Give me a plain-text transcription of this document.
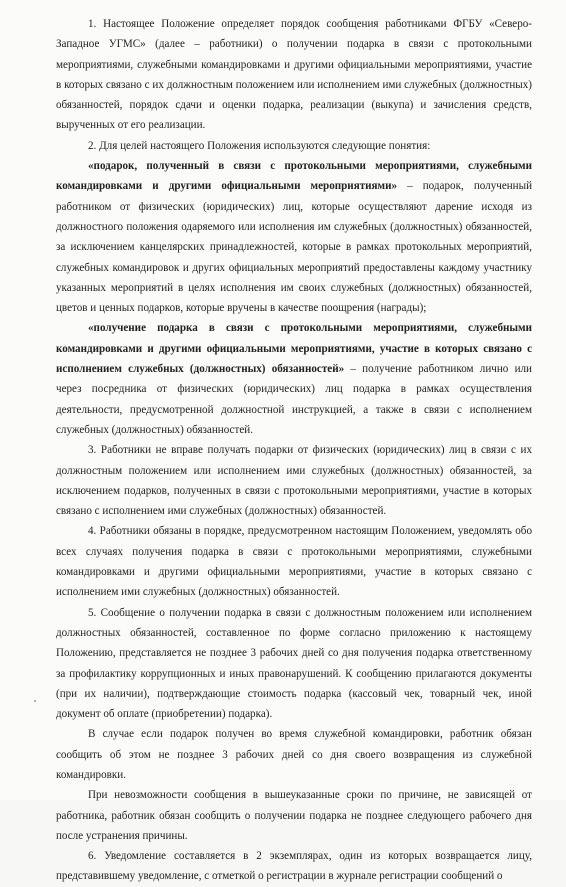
1. Настоящее Положение определяет порядок сообщения работниками ФГБУ «Северо-Западное УГМС» (далее – работники) о получении подарка в связи с протокольными мероприятиями, служебными командировками и другими официальными мероприятиями, участие в которых связано с их должностным положением или исполнением ими служебных (должностных) обязанностей, порядок сдачи и оценки подарка, реализации (выкупа) и зачисления средств, вырученных от его реализации.

2. Для целей настоящего Положения используются следующие понятия:

«подарок, полученный в связи с протокольными мероприятиями, служебными командировками и другими официальными мероприятиями» – подарок, полученный работником от физических (юридических) лиц, которые осуществляют дарение исходя из должностного положения одаряемого или исполнения им служебных (должностных) обязанностей, за исключением канцелярских принадлежностей, которые в рамках протокольных мероприятий, служебных командировок и других официальных мероприятий предоставлены каждому участнику указанных мероприятий в целях исполнения им своих служебных (должностных) обязанностей, цветов и ценных подарков, которые вручены в качестве поощрения (награды);

«получение подарка в связи с протокольными мероприятиями, служебными командировками и другими официальными мероприятиями, участие в которых связано с исполнением служебных (должностных) обязанностей» – получение работником лично или через посредника от физических (юридических) лиц подарка в рамках осуществления деятельности, предусмотренной должностной инструкцией, а также в связи с исполнением служебных (должностных) обязанностей.

3. Работники не вправе получать подарки от физических (юридических) лиц в связи с их должностным положением или исполнением ими служебных (должностных) обязанностей, за исключением подарков, полученных в связи с протокольными мероприятиями, участие в которых связано с исполнением ими служебных (должностных) обязанностей.

4. Работники обязаны в порядке, предусмотренном настоящим Положением, уведомлять обо всех случаях получения подарка в связи с протокольными мероприятиями, служебными командировками и другими официальными мероприятиями, участие в которых связано с исполнением ими служебных (должностных) обязанностей.

5. Сообщение о получении подарка в связи с должностным положением или исполнением должностных обязанностей, составленное по форме согласно приложению к настоящему Положению, представляется не позднее 3 рабочих дней со дня получения подарка ответственному за профилактику коррупционных и иных правонарушений. К сообщению прилагаются документы (при их наличии), подтверждающие стоимость подарка (кассовый чек, товарный чек, иной документ об оплате (приобретении) подарка).

В случае если подарок получен во время служебной командировки, работник обязан сообщить об этом не позднее 3 рабочих дней со дня своего возвращения из служебной командировки.

При невозможности сообщения в вышеуказанные сроки по причине, не зависящей от работника, работник обязан сообщить о получении подарка не позднее следующего рабочего дня после устранения причины.

6. Уведомление составляется в 2 экземплярах, один из которых возвращается лицу, представившему уведомление, с отметкой о регистрации в журнале регистрации сообщений о
